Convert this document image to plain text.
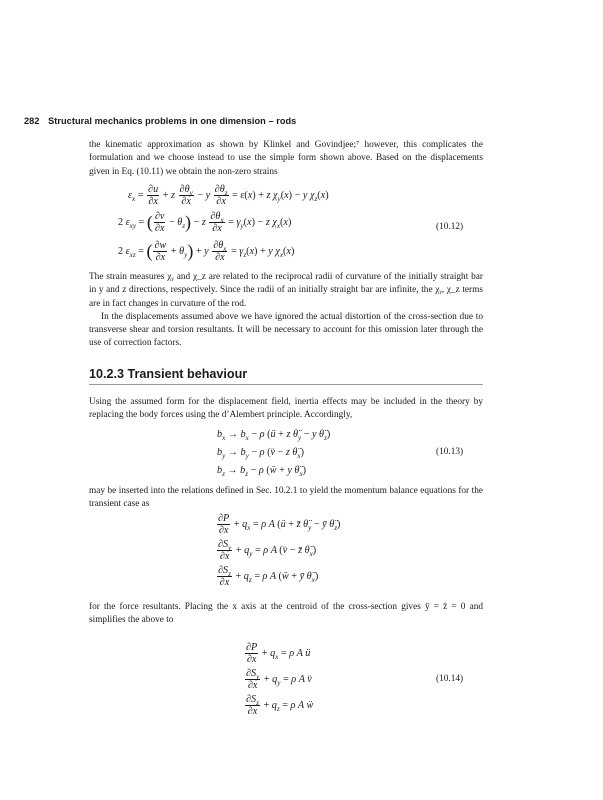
282 Structural mechanics problems in one dimension – rods

the kinematic approximation as shown by Klinkel and Govindjee;⁷ however, this complicates the formulation and we choose instead to use the simple form shown above. Based on the displacements given in Eq. (10.11) we obtain the non-zero strains

$\varepsilon_x = \frac{\partial u}{\partial x} + z \frac{\partial\theta_y}{\partial x} - y \frac{\partial\theta_z}{\partial x} = \varepsilon(x) + z$ $\chi_y(x) - y$ $\chi_z(x)$
2 $\varepsilon_{xy}$ = ( $\frac{\partial v}{\partial x} - \theta_z) - z \frac{\partial\theta_x}{\partial x} = \gamma_y(x) - z$ $\chi_x(x)$
2 $\varepsilon_{xz}$ = ( $\frac{\partial w}{\partial x} + \theta_y) + y \frac{\partial\theta_x}{\partial x} = \gamma_z(x) + y$ $\chi_x(x)$
(10.12)

The strain measures χᵧ and χ_z are related to the reciprocal radii of curvature of the initially straight bar in y and z directions, respectively. Since the radii of an initially straight bar are infinite, the χᵧ, χ_z terms are in fact changes in curvature of the rod.

In the displacements assumed above we have ignored the actual distortion of the cross-section due to transverse shear and torsion resultants. It will be necessary to account for this omission later through the use of correction factors.

10.2.3 Transient behaviour

Using the assumed form for the displacement field, inertia effects may be included in the theory by replacing the body forces using the d’Alembert principle. Accordingly,

$b_x \to b_x - \rho$ (ü + z $\thetä_y - y$ $\thetä_z$)
$b_y \to b_y - \rho$ (v̈ − z $\thetä_x$)
$b_z \to b_z - \rho$ (ẅ + y $\thetä_x$)
(10.13)

may be inserted into the relations defined in Sec. 10.2.1 to yield the momentum balance equations for the transient case as

$\frac{\partial P}{\partial x} + q_x = \rho$ A (ü + z̄ $\thetä_y$ − ȳ $\thetä_z$)
$\frac{\partial S_y}{\partial x} + q_y = \rho$ A (v̈ − z̄ $\thetä_x$)
$\frac{\partial S_z}{\partial x} + q_z = \rho$ A (ẅ + ȳ $\thetä_x$)

for the force resultants. Placing the x axis at the centroid of the cross-section gives ȳ = z̄ = 0 and simplifies the above to

$\frac{\partial P}{\partial x} + q_x = \rho$ A ü
$\frac{\partial S_y}{\partial x} + q_y = \rho$ A v̈
$\frac{\partial S_z}{\partial x} + q_z = \rho$ A ẅ
(10.14)
